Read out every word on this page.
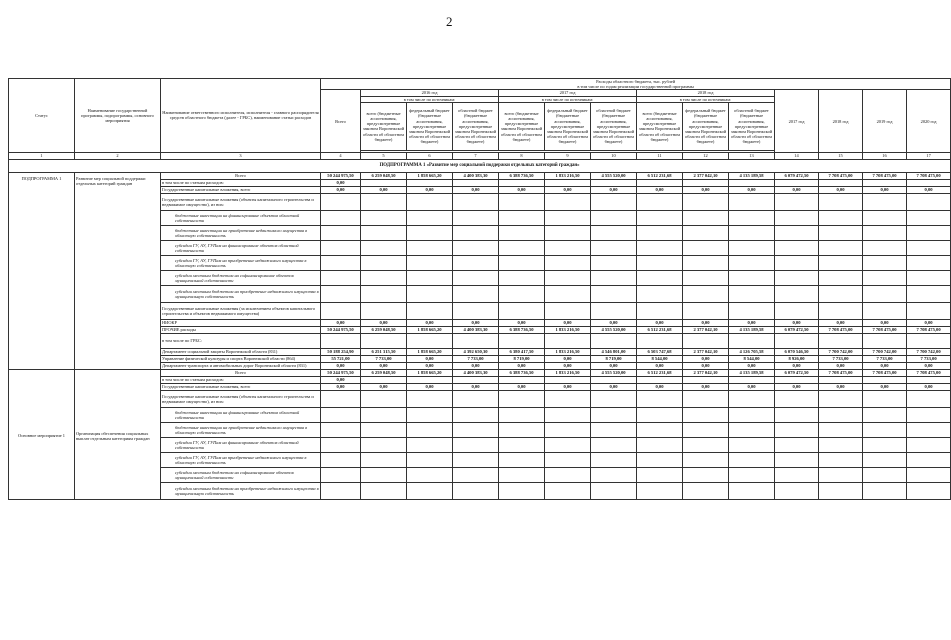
2
Статус	Наименование государственной программы, подпрограммы, основного мероприятия	Наименование ответственного исполнителя, исполнителя - главного распорядителя средств областного бюджета (далее - ГРБС), наименование статьи расходов	Расходы областного бюджета, тыс. рублей
в том числе по годам реализации государственной программы													
			Всего	2016 год			2017 год			2018 год			2017 год	2018 год	2019 год	2020 год
				в том числе по источникам:			в том числе по источникам:			в том числе по источникам:						
				всего (бюджетные ассигнования, предусмотренные законом Воронежской области об областном бюджете)	федеральный бюджет (бюджетные ассигнования, предусмотренные законом Воронежской области об областном бюджете)	областной бюджет (бюджетные ассигнования, предусмотренные законом Воронежской области об областном бюджете)	всего (бюджетные ассигнования, предусмотренные законом Воронежской области об областном бюджете)	федеральный бюджет (бюджетные ассигнования, предусмотренные законом Воронежской области об областном бюджете)	областной бюджет (бюджетные ассигнования, предусмотренные законом Воронежской области об областном бюджете)	всего (бюджетные ассигнования, предусмотренные законом Воронежской области об областном бюджете)	федеральный бюджет (бюджетные ассигнования, предусмотренные законом Воронежской области об областном бюджете)	областной бюджет (бюджетные ассигнования, предусмотренные законом Воронежской области об областном бюджете)				

1	2	3	4	5	6	7	8	9	10	11	12	13	14	15	16	17
ПОДПРОГРАММА 1 «Развитие мер социальной поддержки отдельных категорий граждан»																
ПОДПРОГРАММА 1	Развитие мер социальной поддержки отдельных категорий граждан	Всего	50 244 975,50	6 259 048,50	1 858 665,20	4 400 383,30	6 388 736,50	1 833 216,50	4 555 520,00	6 512 231,68	2 377 042,10	4 135 189,58	6 079 472,50	7 708 475,00	7 708 475,00	7 708 475,00
		в том числе по статьям расходов:	0,00													
		Государственные капитальные вложения, всего	0,00	0,00	0,00	0,00	0,00	0,00	0,00	0,00	0,00	0,00	0,00	0,00	0,00	0,00
		Государственные капитальные вложения (объекты капитального строительства и недвижимое имущество), из них:														
		бюджетные инвестиции на финансирование объектов областной собственности														
		бюджетные инвестиции на приобретение недвижимого имущества в областную собственность														
		субсидии ГУ, АУ, ГУПам на финансирование объектов областной собственности														
		субсидии ГУ, АУ, ГУПам на приобретение недвижимого имущества в областную собственность														
		субсидии местным бюджетам на софинансирование объектов муниципальной собственности														
		субсидии местным бюджетам на приобретение недвижимого имущества в муниципальную собственность														
		Государственные капитальные вложения (за исключением объектов капитального строительства и объектов недвижимого имущества)														
		НИОКР	0,00	0,00	0,00	0,00	0,00	0,00	0,00	0,00	0,00	0,00	0,00	0,00	0,00	0,00
		ПРОЧИЕ расходы	50 244 975,50	6 259 048,50	1 858 665,20	4 400 383,30	6 388 736,50	1 833 216,50	4 555 520,00	6 512 231,68	2 377 042,10	4 135 189,58	6 079 472,50	7 708 475,00	7 708 475,00	7 708 475,00
		в том числе по ГРБС:														
		Департамент социальной защиты Воронежской области (831)	50 188 254,90	6 251 315,50	1 858 665,20	4 392 650,30	6 380 417,50	1 833 216,50	4 546 801,00	6 503 747,68	2 377 042,10	4 126 705,58	6 070 546,50	7 700 742,00	7 700 742,00	7 700 742,00
		Управление физической культуры и спорта Воронежской области (864)	55 721,00	7 733,00	0,00	7 733,00	8 719,00	0,00	8 719,00	8 544,00	0,00	8 544,00	8 926,00	7 733,00	7 733,00	7 733,00
		Департамент транспорта и автомобильных дорог Воронежской области (831)	0,00	0,00	0,00	0,00	0,00	0,00	0,00	0,00	0,00	0,00	0,00	0,00	0,00	0,00
Основное мероприятие 1	Организация обеспечения социальных выплат отдельным категориям граждан	Всего	50 244 975,50	6 259 048,50	1 858 665,20	4 400 383,30	6 388 736,50	1 833 216,50	4 555 520,00	6 512 231,68	2 377 042,10	4 135 189,58	6 079 472,50	7 708 475,00	7 708 475,00	7 708 475,00
		в том числе по статьям расходов:	0,00													
		Государственные капитальные вложения, всего	0,00	0,00	0,00	0,00	0,00	0,00	0,00	0,00	0,00	0,00	0,00	0,00	0,00	0,00
		Государственные капитальные вложения (объекты капитального строительства и недвижимое имущество), из них:														
		бюджетные инвестиции на финансирование объектов областной собственности														
		бюджетные инвестиции на приобретение недвижимого имущества в областную собственность														
		субсидии ГУ, АУ, ГУПам на финансирование объектов областной собственности														
		субсидии ГУ, АУ, ГУПам на приобретение недвижимого имущества в областную собственность														
		субсидии местным бюджетам на софинансирование объектов муниципальной собственности														
		субсидии местным бюджетам на приобретение недвижимого имущества в муниципальную собственность														
